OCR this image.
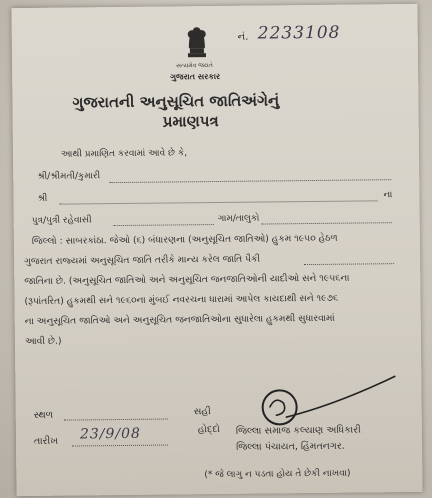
સત્યમેવ જયતે
ગુજરાત સરકાર
નં. 2233108
ગુજરાતની અનુસૂચિત જાતિઅંગેનું
પ્રમાણપત્ર
આથી પ્રમાણિત કરવામાં આવે છે કે,
શ્રી/શ્રીમતી/કુમારી
શ્રી	ના
પુત્ર/પુત્રી રહેવાસી	ગામ/તાલુકો
જિલ્લો : સાબરકાંઠા. જેઓ (૬) બંધારણના (અનુસૂચિત જાતિઓ) હુકમ ૧૯૫૦ હેઠળ
ગુજરાત રાજ્યમાં અનુસૂચિત જાતિ તરીકે માન્ય કરેલ જાતિ પૈકી
જાતિના છે. (અનુસૂચિત જાતિઓ અને અનુસૂચિત જનજાતિઓની યાદીઓ સને ૧૯૫૬ના
(રૂપાંતરિત) હુકમથી સને ૧૯૬૦ના મુંબઈ નવરચના ધારામાં આપેલ કાયદાથી સને ૧૯૭૬
ના અનુસૂચિત જાતિઓ અને અનુસૂચિત જનજાતિઓના સુધારેલા હુકમથી સુધારવામાં
આવી છે.)
સ્થળ
તારીખ 23/9/08
સહી
હોદ્દો જિલ્લા સમાજ કલ્યાણ અધિકારી
જિલ્લા પંચાયત, હિંમતનગર.
(* જે લાગુ ન પડતા હોય તે છેકી નાખવા)
